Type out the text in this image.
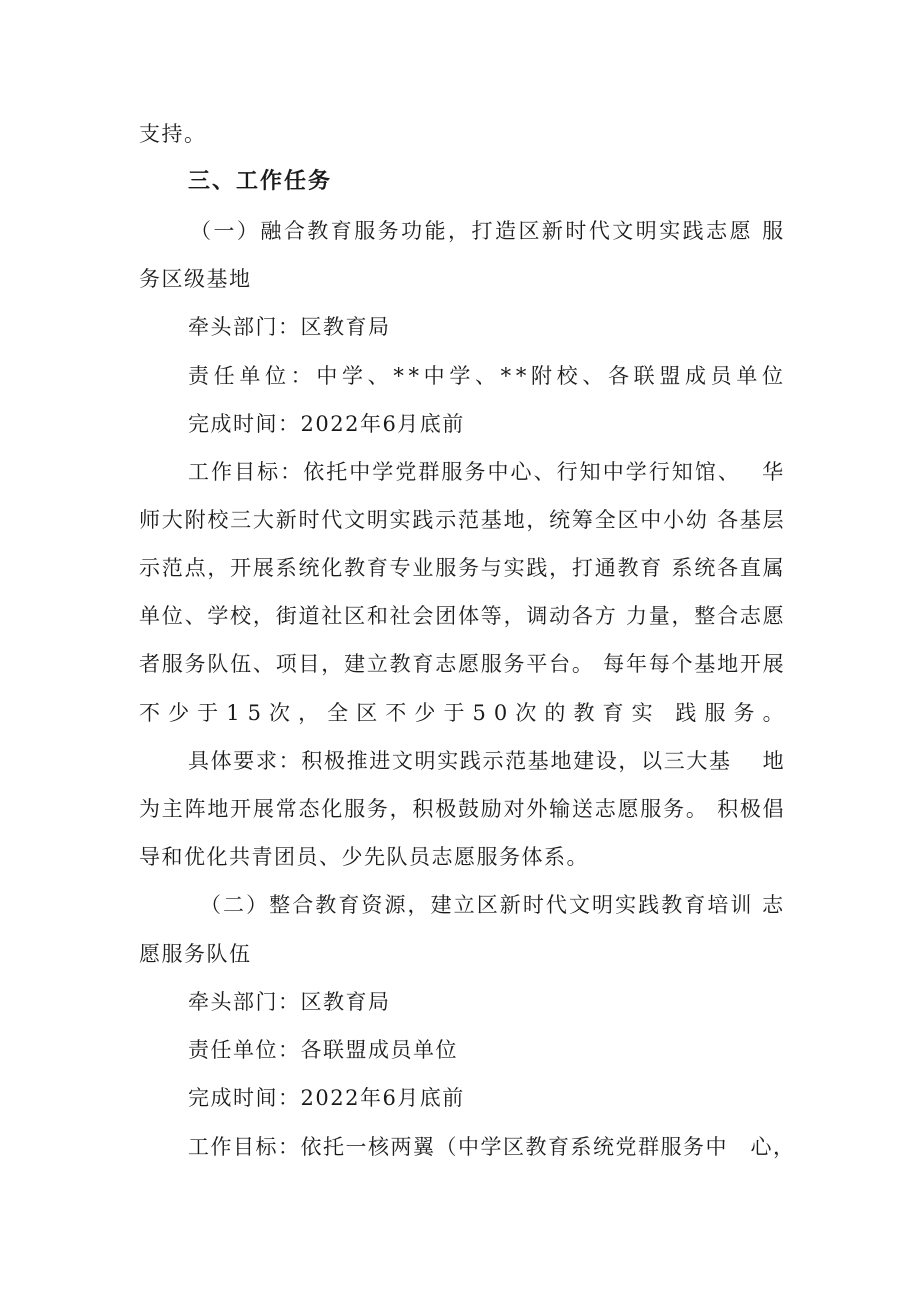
支持。
三、工作任务
（一）融合教育服务功能，打造区新时代文明实践志愿 服
务区级基地
牵头部门：区教育局
责任单位：中学、**中学、**附校、各联盟成员单位
完成时间：2022年6月底前
工作目标：依托中学党群服务中心、行知中学行知馆、　 华
师大附校三大新时代文明实践示范基地，统筹全区中小幼 各基层
示范点，开展系统化教育专业服务与实践，打通教育 系统各直属
单位、学校，街道社区和社会团体等，调动各方 力量，整合志愿
者服务队伍、项目，建立教育志愿服务平台。 每年每个基地开展
不少于15次，全区不少于50次的教育实 践服务。
具体要求：积极推进文明实践示范基地建设，以三大基　 地
为主阵地开展常态化服务，积极鼓励对外输送志愿服务。 积极倡
导和优化共青团员、少先队员志愿服务体系。
（二）整合教育资源，建立区新时代文明实践教育培训 志
愿服务队伍
牵头部门：区教育局
责任单位：各联盟成员单位
完成时间：2022年6月底前
工作目标：依托一核两翼（中学区教育系统党群服务中　心，
